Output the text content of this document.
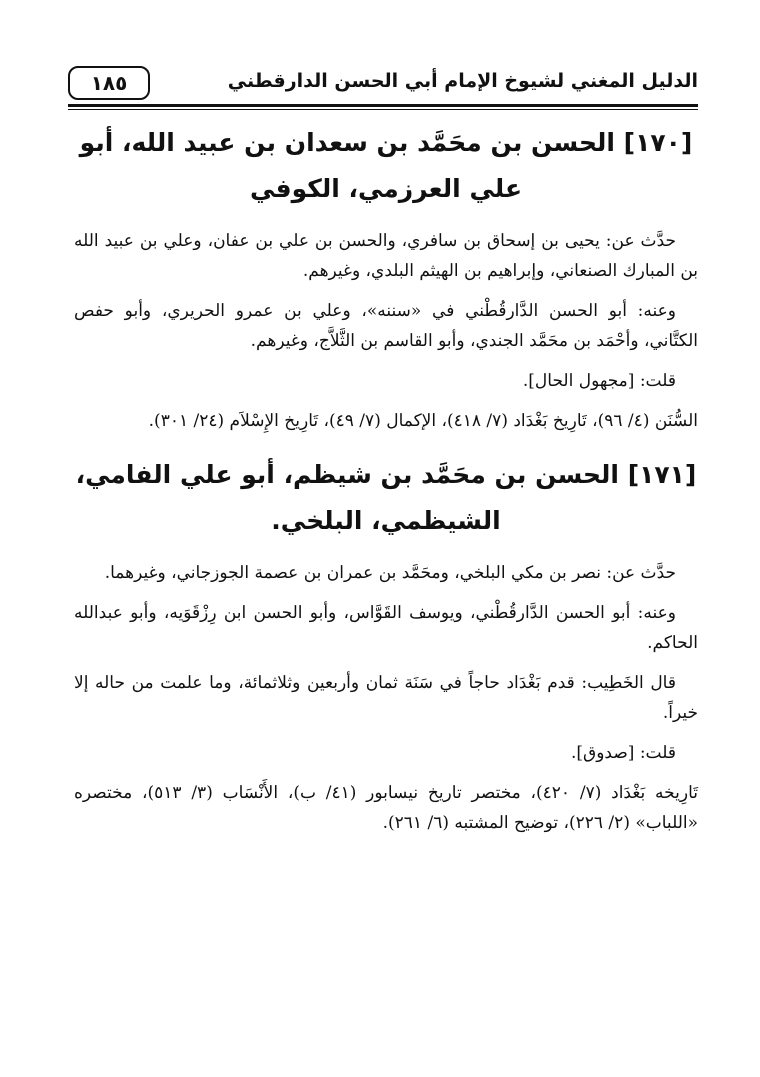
الدليل المغني لشيوخ الإمام أبي الحسن الدارقطني
١٨٥
[١٧٠] الحسن بن محَمَّد بن سعدان بن عبيد الله، أبو علي العرزمي، الكوفي

حدَّث عن: يحيى بن إسحاق بن سافري، والحسن بن علي بن عفان، وعلي بن عبيد الله بن المبارك الصنعاني، وإبراهيم بن الهيثم البلدي، وغيرهم.

وعنه: أبو الحسن الدَّارقُطْني في «سننه»، وعلي بن عمرو الحريري، وأبو حفص الكتَّاني، وأحْمَد بن محَمَّد الجندي، وأبو القاسم بن الثَّلاَّج، وغيرهم.

قلت: [مجهول الحال].

السُّنَن (٤/ ٩٦)، تَارِيخ بَغْدَاد (٧/ ٤١٨)، الإكمال (٧/ ٤٩)، تَارِيخ الإِسْلاَم (٢٤/ ٣٠١).

[١٧١] الحسن بن محَمَّد بن شيظم، أبو علي الفامي، الشيظمي، البلخي.

حدَّث عن: نصر بن مكي البلخي، ومحَمَّد بن عمران بن عصمة الجوزجاني، وغيرهما.

وعنه: أبو الحسن الدَّارقُطْني، ويوسف القَوَّاس، وأبو الحسن ابن رِزْقَوَيه، وأبو عبدالله الحاكم.

قال الخَطِيب: قدم بَغْدَاد حاجاً في سَنَة ثمان وأربعين وثلاثمائة، وما علمت من حاله إلا خيراً.

قلت: [صدوق].

تَارِيخه بَغْدَاد (٧/ ٤٢٠)، مختصر تاريخ نيسابور (٤١/ ب)، الأَنْسَاب (٣/ ٥١٣)، مختصره «اللباب» (٢/ ٢٢٦)، توضيح المشتبه (٦/ ٢٦١).
